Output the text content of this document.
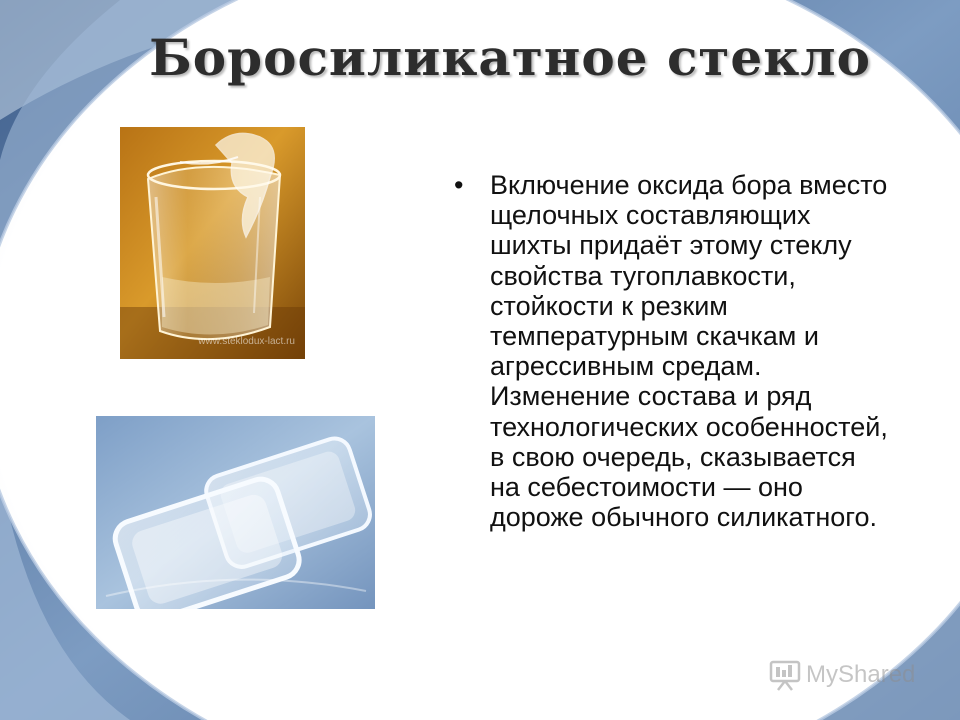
Боросиликатное стекло
www.steklodux-lact.ru
• Включение оксида бора вместо щелочных составляющих шихты придаёт этому стеклу свойства тугоплавкости, стойкости к резким температурным скачкам и агрессивным средам. Изменение состава и ряд технологических особенностей, в свою очередь, сказывается на себестоимости — оно дороже обычного силикатного.
MyShared
